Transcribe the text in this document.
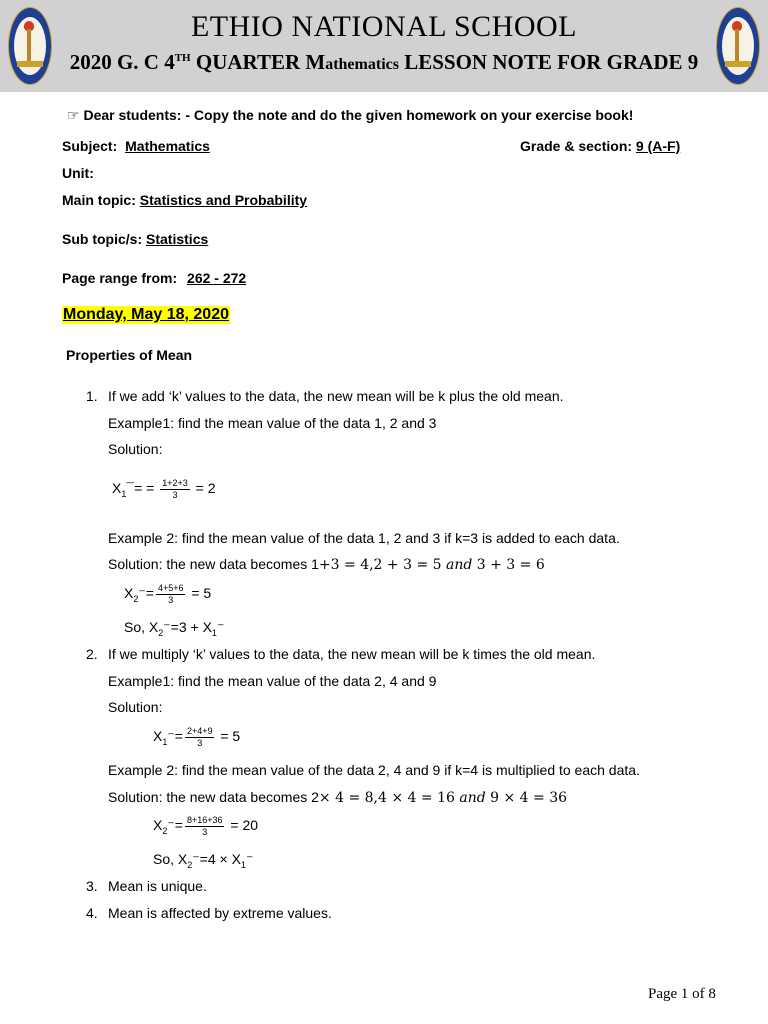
ETHIO NATIONAL SCHOOL
2020 G. C 4TH QUARTER Mathematics LESSON NOTE FOR GRADE 9
☞ Dear students: - Copy the note and do the given homework on your exercise book!
Subject: Mathematics	Grade & section: 9 (A-F)
Unit:
Main topic: Statistics and Probability
Sub topic/s: Statistics
Page range from: 262 - 272
Monday, May 18, 2020
Properties of Mean
1. If we add ‘k’ values to the data, the new mean will be k plus the old mean.
Example1: find the mean value of the data 1, 2 and 3
Solution:
$X_1¯= = \frac{1+2+3}{3} = 2$
Example 2: find the mean value of the data 1, 2 and 3 if k=3 is added to each data.
Solution: the new data becomes 1+3 = 4,2 + 3 = 5 and 3 + 3 = 6
$X_2^-= \frac{4+5+6}{3} = 5$
So, $X_2^-=3 + X_1^-$
2. If we multiply ‘k’ values to the data, the new mean will be k times the old mean.
Example1: find the mean value of the data 2, 4 and 9
Solution:
$X_1^-= \frac{2+4+9}{3} = 5$
Example 2: find the mean value of the data 2, 4 and 9 if k=4 is multiplied to each data.
Solution: the new data becomes 2× 4 = 8,4 × 4 = 16 and 9 × 4 = 36
$X_2^-= \frac{8+16+36}{3} = 20$
So, $X_2^-=4 \times X_1^-$
3. Mean is unique.
4. Mean is affected by extreme values.
Page 1 of 8
